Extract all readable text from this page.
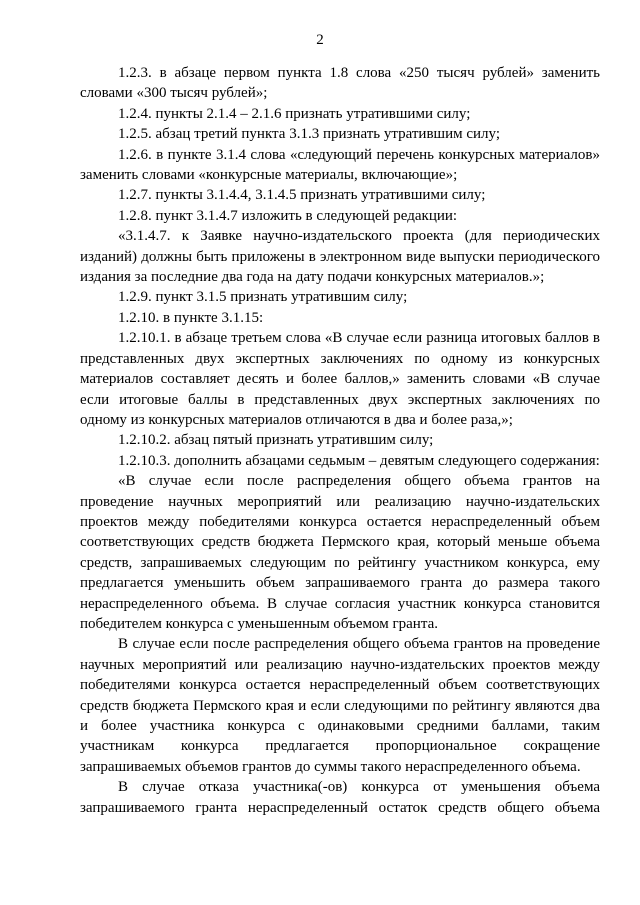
2

1.2.3. в абзаце первом пункта 1.8 слова «250 тысяч рублей» заменить словами «300 тысяч рублей»;

1.2.4. пункты 2.1.4 – 2.1.6 признать утратившими силу;

1.2.5. абзац третий пункта 3.1.3 признать утратившим силу;

1.2.6. в пункте 3.1.4 слова «следующий перечень конкурсных материалов» заменить словами «конкурсные материалы, включающие»;

1.2.7. пункты 3.1.4.4, 3.1.4.5 признать утратившими силу;

1.2.8. пункт 3.1.4.7 изложить в следующей редакции:

«3.1.4.7. к Заявке научно-издательского проекта (для периодических изданий) должны быть приложены в электронном виде выпуски периодического издания за последние два года на дату подачи конкурсных материалов.»;

1.2.9. пункт 3.1.5 признать утратившим силу;

1.2.10. в пункте 3.1.15:

1.2.10.1. в абзаце третьем слова «В случае если разница итоговых баллов в представленных двух экспертных заключениях по одному из конкурсных материалов составляет десять и более баллов,» заменить словами «В случае если итоговые баллы в представленных двух экспертных заключениях по одному из конкурсных материалов отличаются в два и более раза,»;

1.2.10.2. абзац пятый признать утратившим силу;

1.2.10.3. дополнить абзацами седьмым – девятым следующего содержания:

«В случае если после распределения общего объема грантов на проведение научных мероприятий или реализацию научно-издательских проектов между победителями конкурса остается нераспределенный объем соответствующих средств бюджета Пермского края, который меньше объема средств, запрашиваемых следующим по рейтингу участником конкурса, ему предлагается уменьшить объем запрашиваемого гранта до размера такого нераспределенного объема. В случае согласия участник конкурса становится победителем конкурса с уменьшенным объемом гранта.

В случае если после распределения общего объема грантов на проведение научных мероприятий или реализацию научно-издательских проектов между победителями конкурса остается нераспределенный объем соответствующих средств бюджета Пермского края и если следующими по рейтингу являются два и более участника конкурса с одинаковыми средними баллами, таким участникам конкурса предлагается пропорциональное сокращение запрашиваемых объемов грантов до суммы такого нераспределенного объема.

В случае отказа участника(-ов) конкурса от уменьшения объема запрашиваемого гранта нераспределенный остаток средств общего объема
